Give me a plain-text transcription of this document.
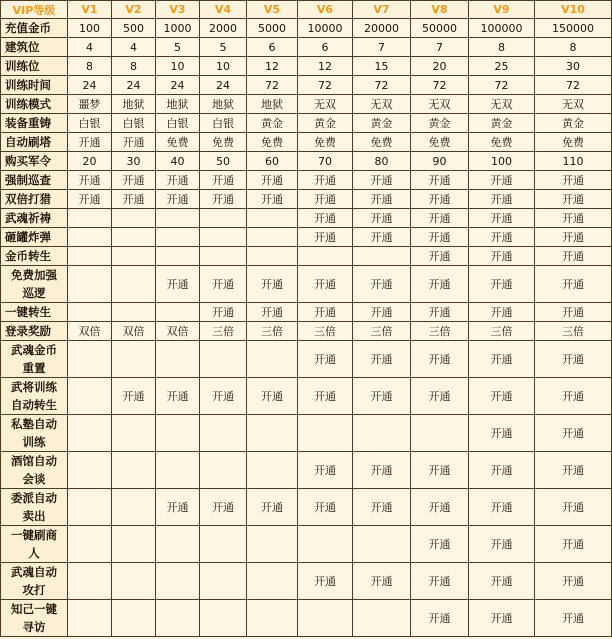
VIP等级	V1	V2	V3	V4	V5	V6	V7	V8	V9	V10
充值金币	100	500	1000	2000	5000	10000	20000	50000	100000	150000
建筑位	4	4	5	5	6	6	7	7	8	8
训练位	8	8	10	10	12	12	15	20	25	30
训练时间	24	24	24	24	72	72	72	72	72	72
训练模式	噩梦	地狱	地狱	地狱	地狱	无双	无双	无双	无双	无双
装备重铸	白银	白银	白银	白银	黄金	黄金	黄金	黄金	黄金	黄金
自动刷塔	开通	开通	免费	免费	免费	免费	免费	免费	免费	免费
购买军令	20	30	40	50	60	70	80	90	100	110
强制巡查	开通	开通	开通	开通	开通	开通	开通	开通	开通	开通
双倍打猎	开通	开通	开通	开通	开通	开通	开通	开通	开通	开通
武魂祈祷						开通	开通	开通	开通	开通
砸罐炸弹						开通	开通	开通	开通	开通
金币转生								开通	开通	开通
免费加强
巡逻			开通	开通	开通	开通	开通	开通	开通	开通
一键转生				开通	开通	开通	开通	开通	开通	开通
登录奖励	双倍	双倍	双倍	三倍	三倍	三倍	三倍	三倍	三倍	三倍
武魂金币
重置						开通	开通	开通	开通	开通
武将训练
自动转生		开通	开通	开通	开通	开通	开通	开通	开通	开通
私塾自动
训练									开通	开通
酒馆自动
会谈						开通	开通	开通	开通	开通
委派自动
卖出			开通	开通	开通	开通	开通	开通	开通	开通
一键刷商
人								开通	开通	开通
武魂自动
攻打						开通	开通	开通	开通	开通
知己一键
寻访								开通	开通	开通
